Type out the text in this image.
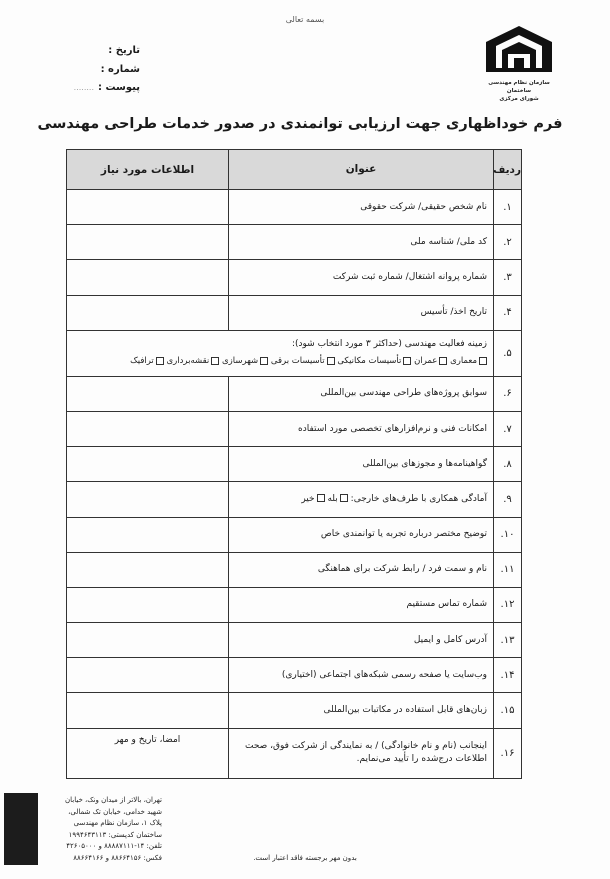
بسمه تعالی
سازمان نظام مهندسی ساختمان
شورای مرکزی
تاریخ :
شماره :
پیوست :........
فرم خوداظهاری جهت ارزیابی توانمندی در صدور خدمات طراحی مهندسی
ردیف	عنوان	اطلاعات مورد نیاز
۱.	نام شخص حقیقی/ شرکت حقوقی	
۲.	کد ملی/ شناسه ملی	
۳.	شماره پروانه اشتغال/ شماره ثبت شرکت	
۴.	تاریخ اخذ/ تأسیس	
۵.	زمینه فعالیت مهندسی (حداکثر ۳ مورد انتخاب شود):
معماری عمران تأسیسات مکانیکی تأسیسات برقی شهرسازی نقشه‌برداری ترافیک	

۶.	سوابق پروژه‌های طراحی مهندسی بین‌المللی	
۷.	امکانات فنی و نرم‌افزارهای تخصصی مورد استفاده	
۸.	گواهینامه‌ها و مجوزهای بین‌المللی	
۹.	آمادگی همکاری با طرف‌های خارجی: بله خیر	
۱۰.	توضیح مختصر درباره تجربه یا توانمندی خاص	
۱۱.	نام و سمت فرد / رابط شرکت برای هماهنگی	
۱۲.	شماره تماس مستقیم	
۱۳.	آدرس کامل و ایمیل	
۱۴.	وب‌سایت یا صفحه رسمی شبکه‌های اجتماعی (اختیاری)	
۱۵.	زبان‌های قابل استفاده در مکاتبات بین‌المللی	
۱۶.	اینجانب (نام و نام خانوادگی) / به نمایندگی از شرکت فوق، صحت اطلاعات درج‌شده را تأیید می‌نمایم.	امضا، تاریخ و مهر
تهران، بالاتر از میدان ونک، خیابان
شهید خدامی، خیابان تک شمالی،
پلاک ۱، سازمان نظام مهندسی
ساختمان کدپستی: ۱۹۹۴۶۴۳۱۱۳
تلفن: ۱۴-۸۸۸۸۷۱۱۱ و ۴۲۶۰۵۰۰۰
فکس: ۸۸۶۶۴۱۵۶ و ۸۸۶۶۴۱۶۶	بدون مهر برجسته فاقد اعتبار است.
